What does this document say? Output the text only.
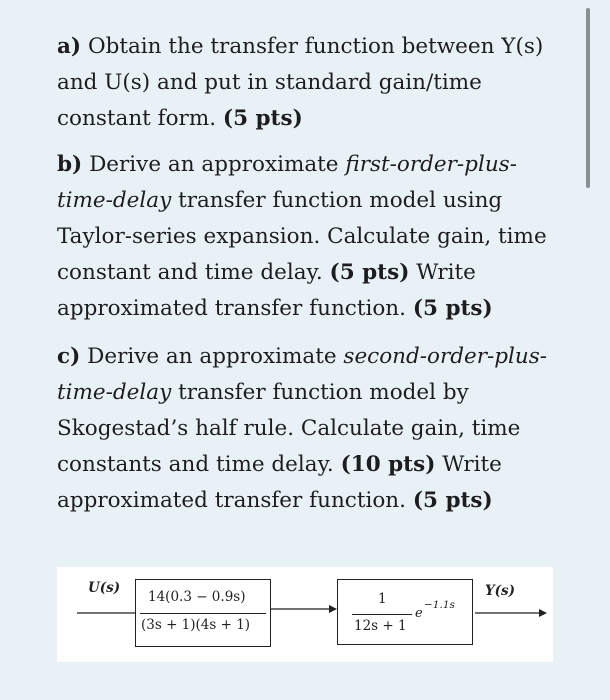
a) Obtain the transfer function between Y(s) and U(s) and put in standard gain/time constant form. (5 pts)
b) Derive an approximate first-order-plus-time-delay transfer function model using Taylor-series expansion. Calculate gain, time constant and time delay. (5 pts) Write approximated transfer function. (5 pts)
c) Derive an approximate second-order-plus-time-delay transfer function model by Skogestad’s half rule. Calculate gain, time constants and time delay. (10 pts) Write approximated transfer function. (5 pts)
U(s)	Y(s)
14(0.3 − 0.9s)
(3s + 1)(4s + 1)
1
12s + 1
e
−1.1s
